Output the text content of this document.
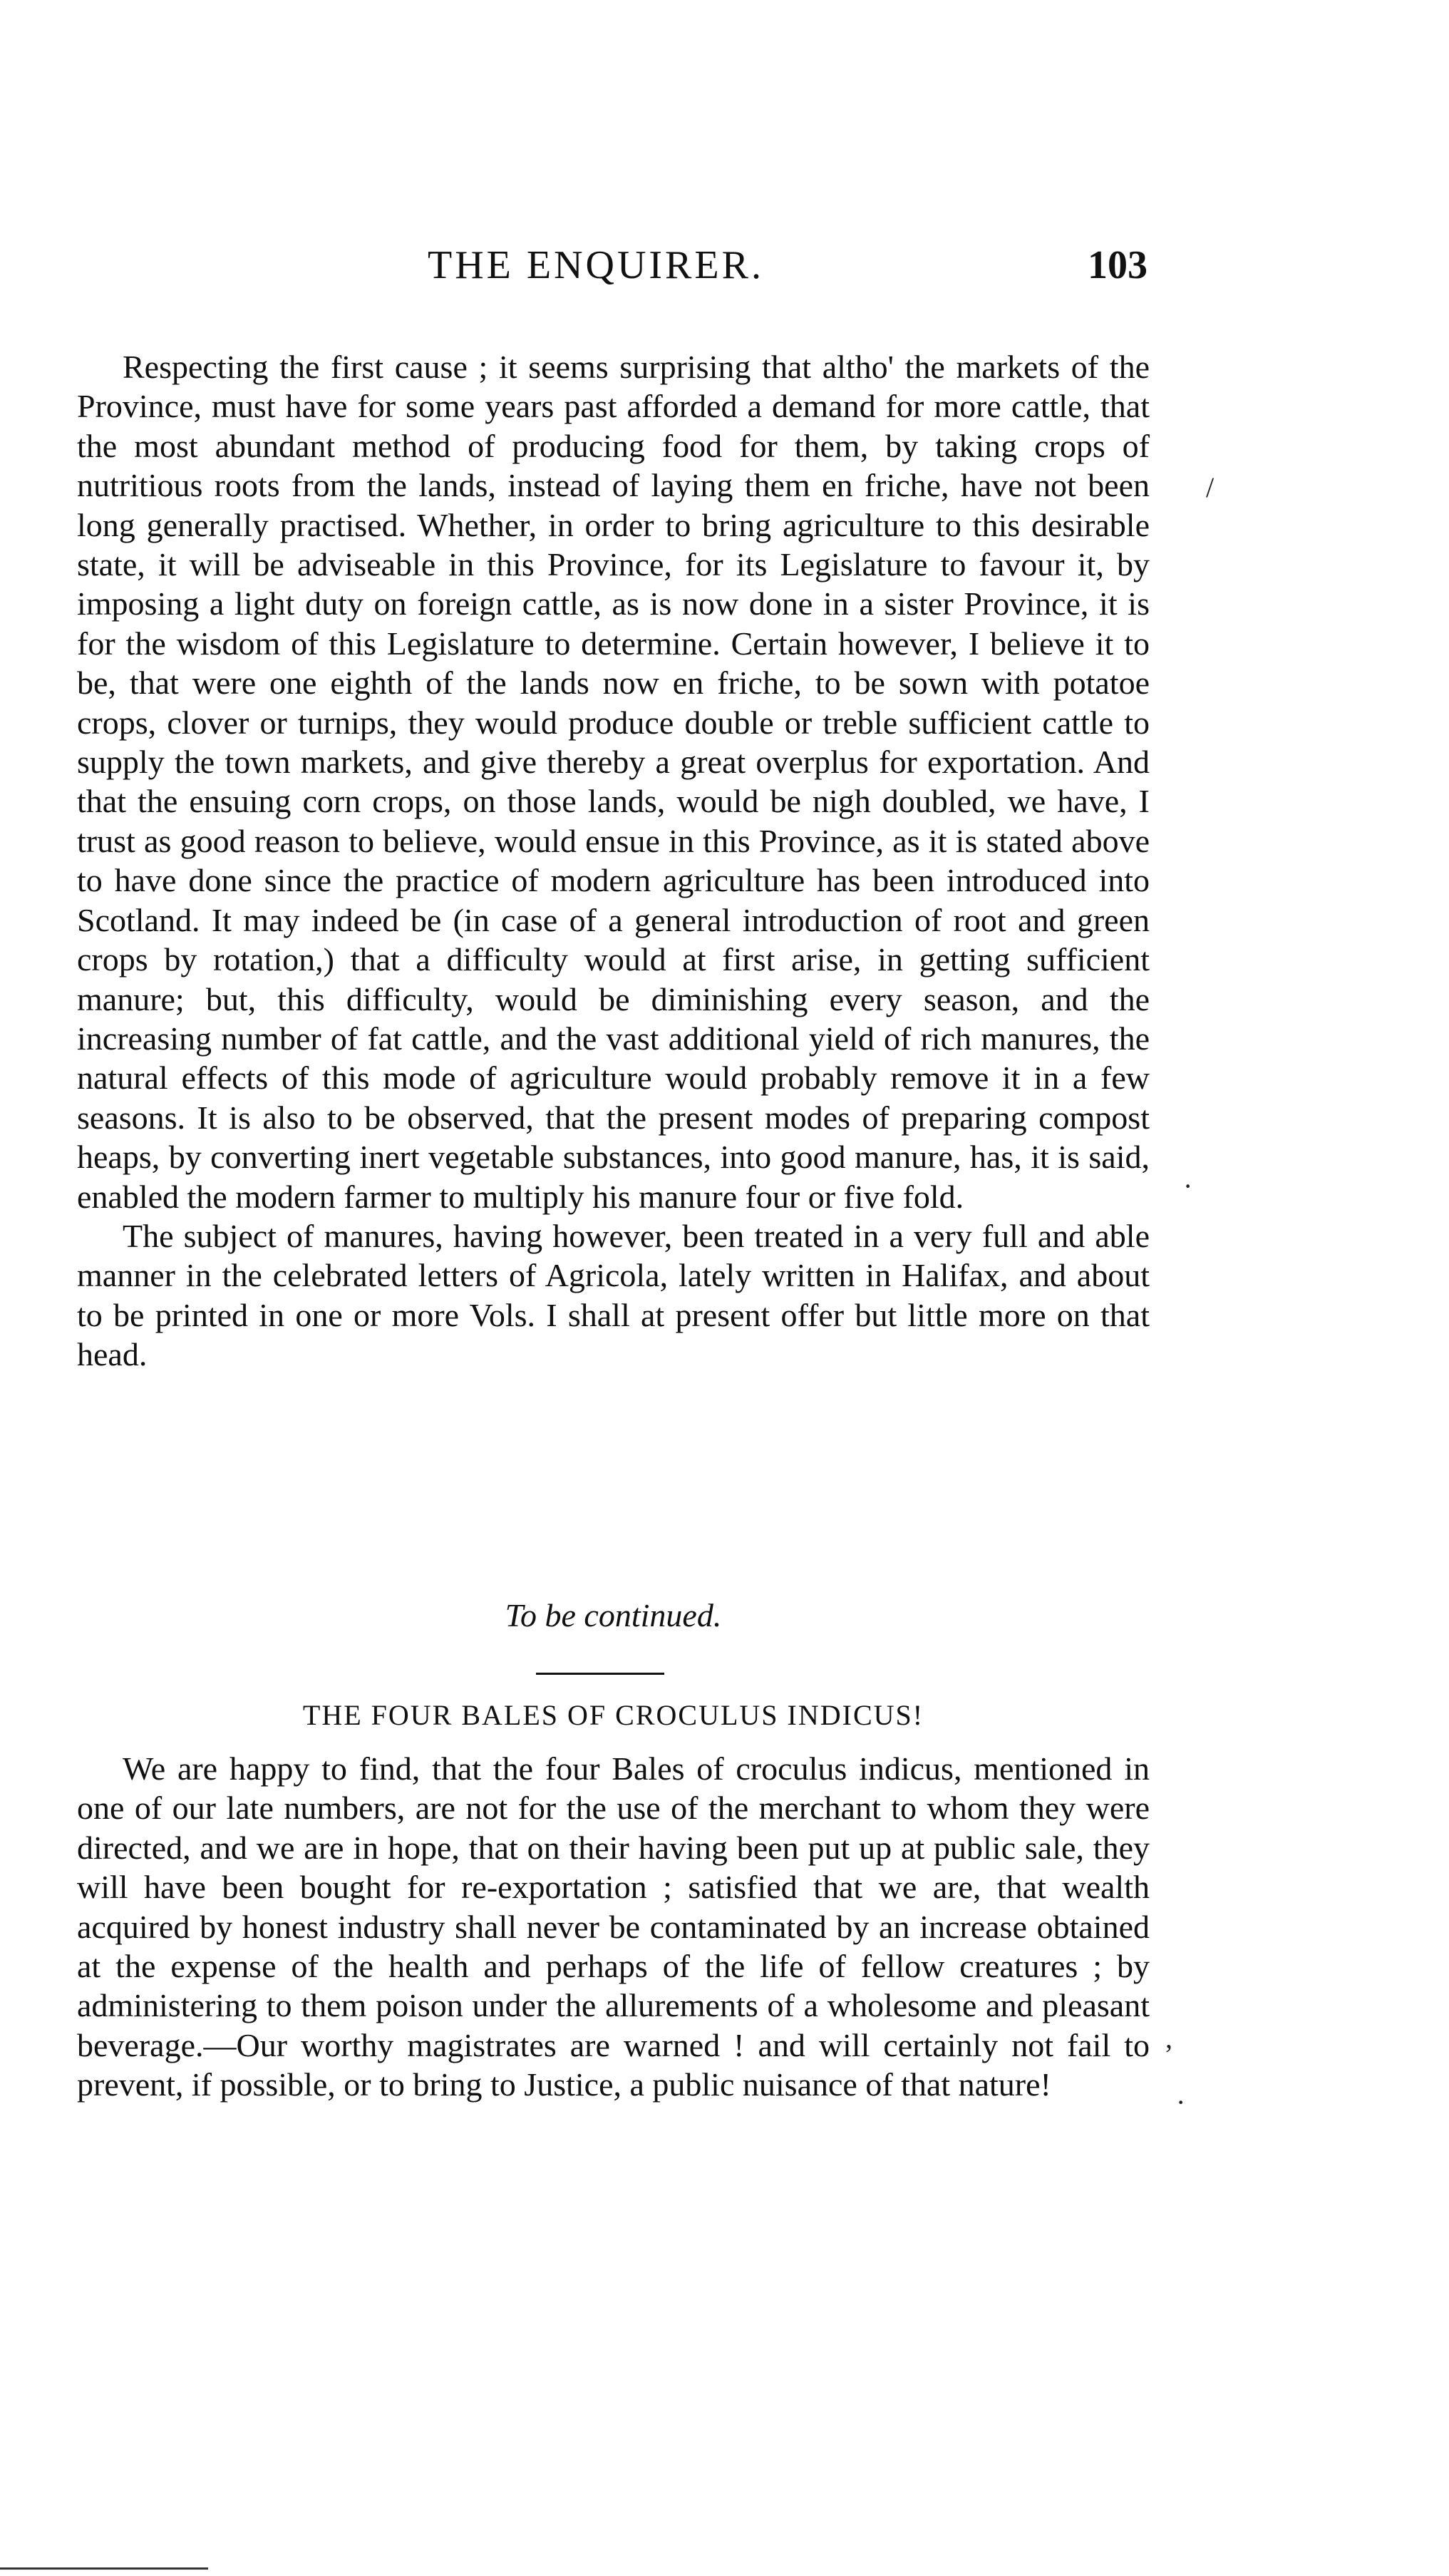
THE ENQUIRER.	103

Respecting the first cause ; it seems surprising that altho' the markets of the Province, must have for some years past afforded a demand for more cattle, that the most abundant method of producing food for them, by taking crops of nutritious roots from the lands, instead of laying them en friche, have not been long generally practised. Whether, in order to bring agriculture to this desirable state, it will be adviseable in this Province, for its Legislature to favour it, by imposing a light duty on foreign cattle, as is now done in a sister Province, it is for the wisdom of this Legislature to determine. Certain however, I believe it to be, that were one eighth of the lands now en friche, to be sown with potatoe crops, clover or turnips, they would produce double or treble sufficient cattle to supply the town markets, and give thereby a great overplus for exportation. And that the ensuing corn crops, on those lands, would be nigh doubled, we have, I trust as good reason to believe, would ensue in this Province, as it is stated above to have done since the practice of modern agriculture has been introduced into Scotland. It may indeed be (in case of a general introduction of root and green crops by rotation,) that a difficulty would at first arise, in getting sufficient manure; but, this difficulty, would be diminishing every season, and the increasing number of fat cattle, and the vast additional yield of rich manures, the natural effects of this mode of agriculture would probably remove it in a few seasons. It is also to be observed, that the present modes of preparing compost heaps, by converting inert vegetable substances, into good manure, has, it is said, enabled the modern farmer to multiply his manure four or five fold.

The subject of manures, having however, been treated in a very full and able manner in the celebrated letters of Agricola, lately written in Halifax, and about to be printed in one or more Vols. I shall at present offer but little more on that head.

To be continued.
THE FOUR BALES OF CROCULUS INDICUS!

We are happy to find, that the four Bales of croculus indicus, mentioned in one of our late numbers, are not for the use of the merchant to whom they were directed, and we are in hope, that on their having been put up at public sale, they will have been bought for re-exportation ; satisfied that we are, that wealth acquired by honest industry shall never be contaminated by an increase obtained at the expense of the health and perhaps of the life of fellow creatures ; by administering to them poison under the allurements of a wholesome and pleasant beverage.—Our worthy magistrates are warned ! and will certainly not fail to prevent, if possible, or to bring to Justice, a public nuisance of that nature!

/
·
,
·
